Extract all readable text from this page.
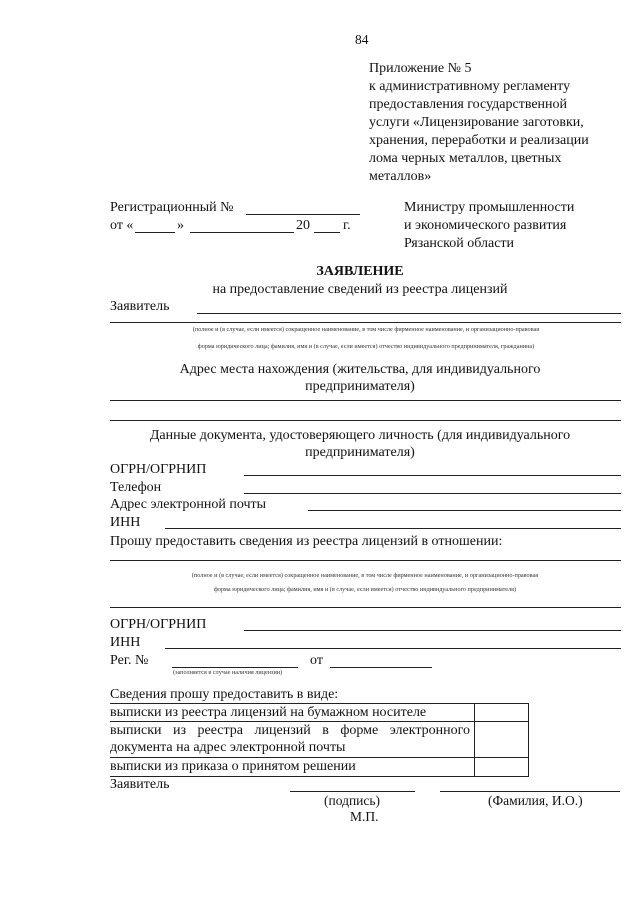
84
Приложение № 5
к административному регламенту
предоставления государственной
услуги «Лицензирование заготовки,
хранения, переработки и реализации
лома черных металлов, цветных
металлов»
Регистрационный №
от «	»	20 г.
Министру промышленности
и экономического развития
Рязанской области
ЗАЯВЛЕНИЕ
на предоставление сведений из реестра лицензий
Заявитель
(полное и (в случае, если имеется) сокращенное наименование, в том числе фирменное наименование, и организационно-правовая
форма юридического лица; фамилия, имя и (в случае, если имеется) отчество индивидуального предпринимателя, гражданина)
Адрес места нахождения (жительства, для индивидуального
предпринимателя)
Данные документа, удостоверяющего личность (для индивидуального
предпринимателя)
ОГРН/ОГРНИП
Телефон
Адрес электронной почты
ИНН
Прошу предоставить сведения из реестра лицензий в отношении:
(полное и (в случае, если имеется) сокращенное наименование, в том числе фирменное наименование, и организационно-правовая
форма юридического лица; фамилия, имя и (в случае, если имеется) отчество индивидуального предпринимателя)
ОГРН/ОГРНИП
ИНН
Рег. №	от
(заполняется в случае наличия лицензии)
Сведения прошу предоставить в виде:
выписки из реестра лицензий на бумажном носителе
выписки из реестра лицензий в форме электронного
документа на адрес электронной почты
выписки из приказа о принятом решении
Заявитель
(подпись)	(Фамилия, И.О.)
М.П.
